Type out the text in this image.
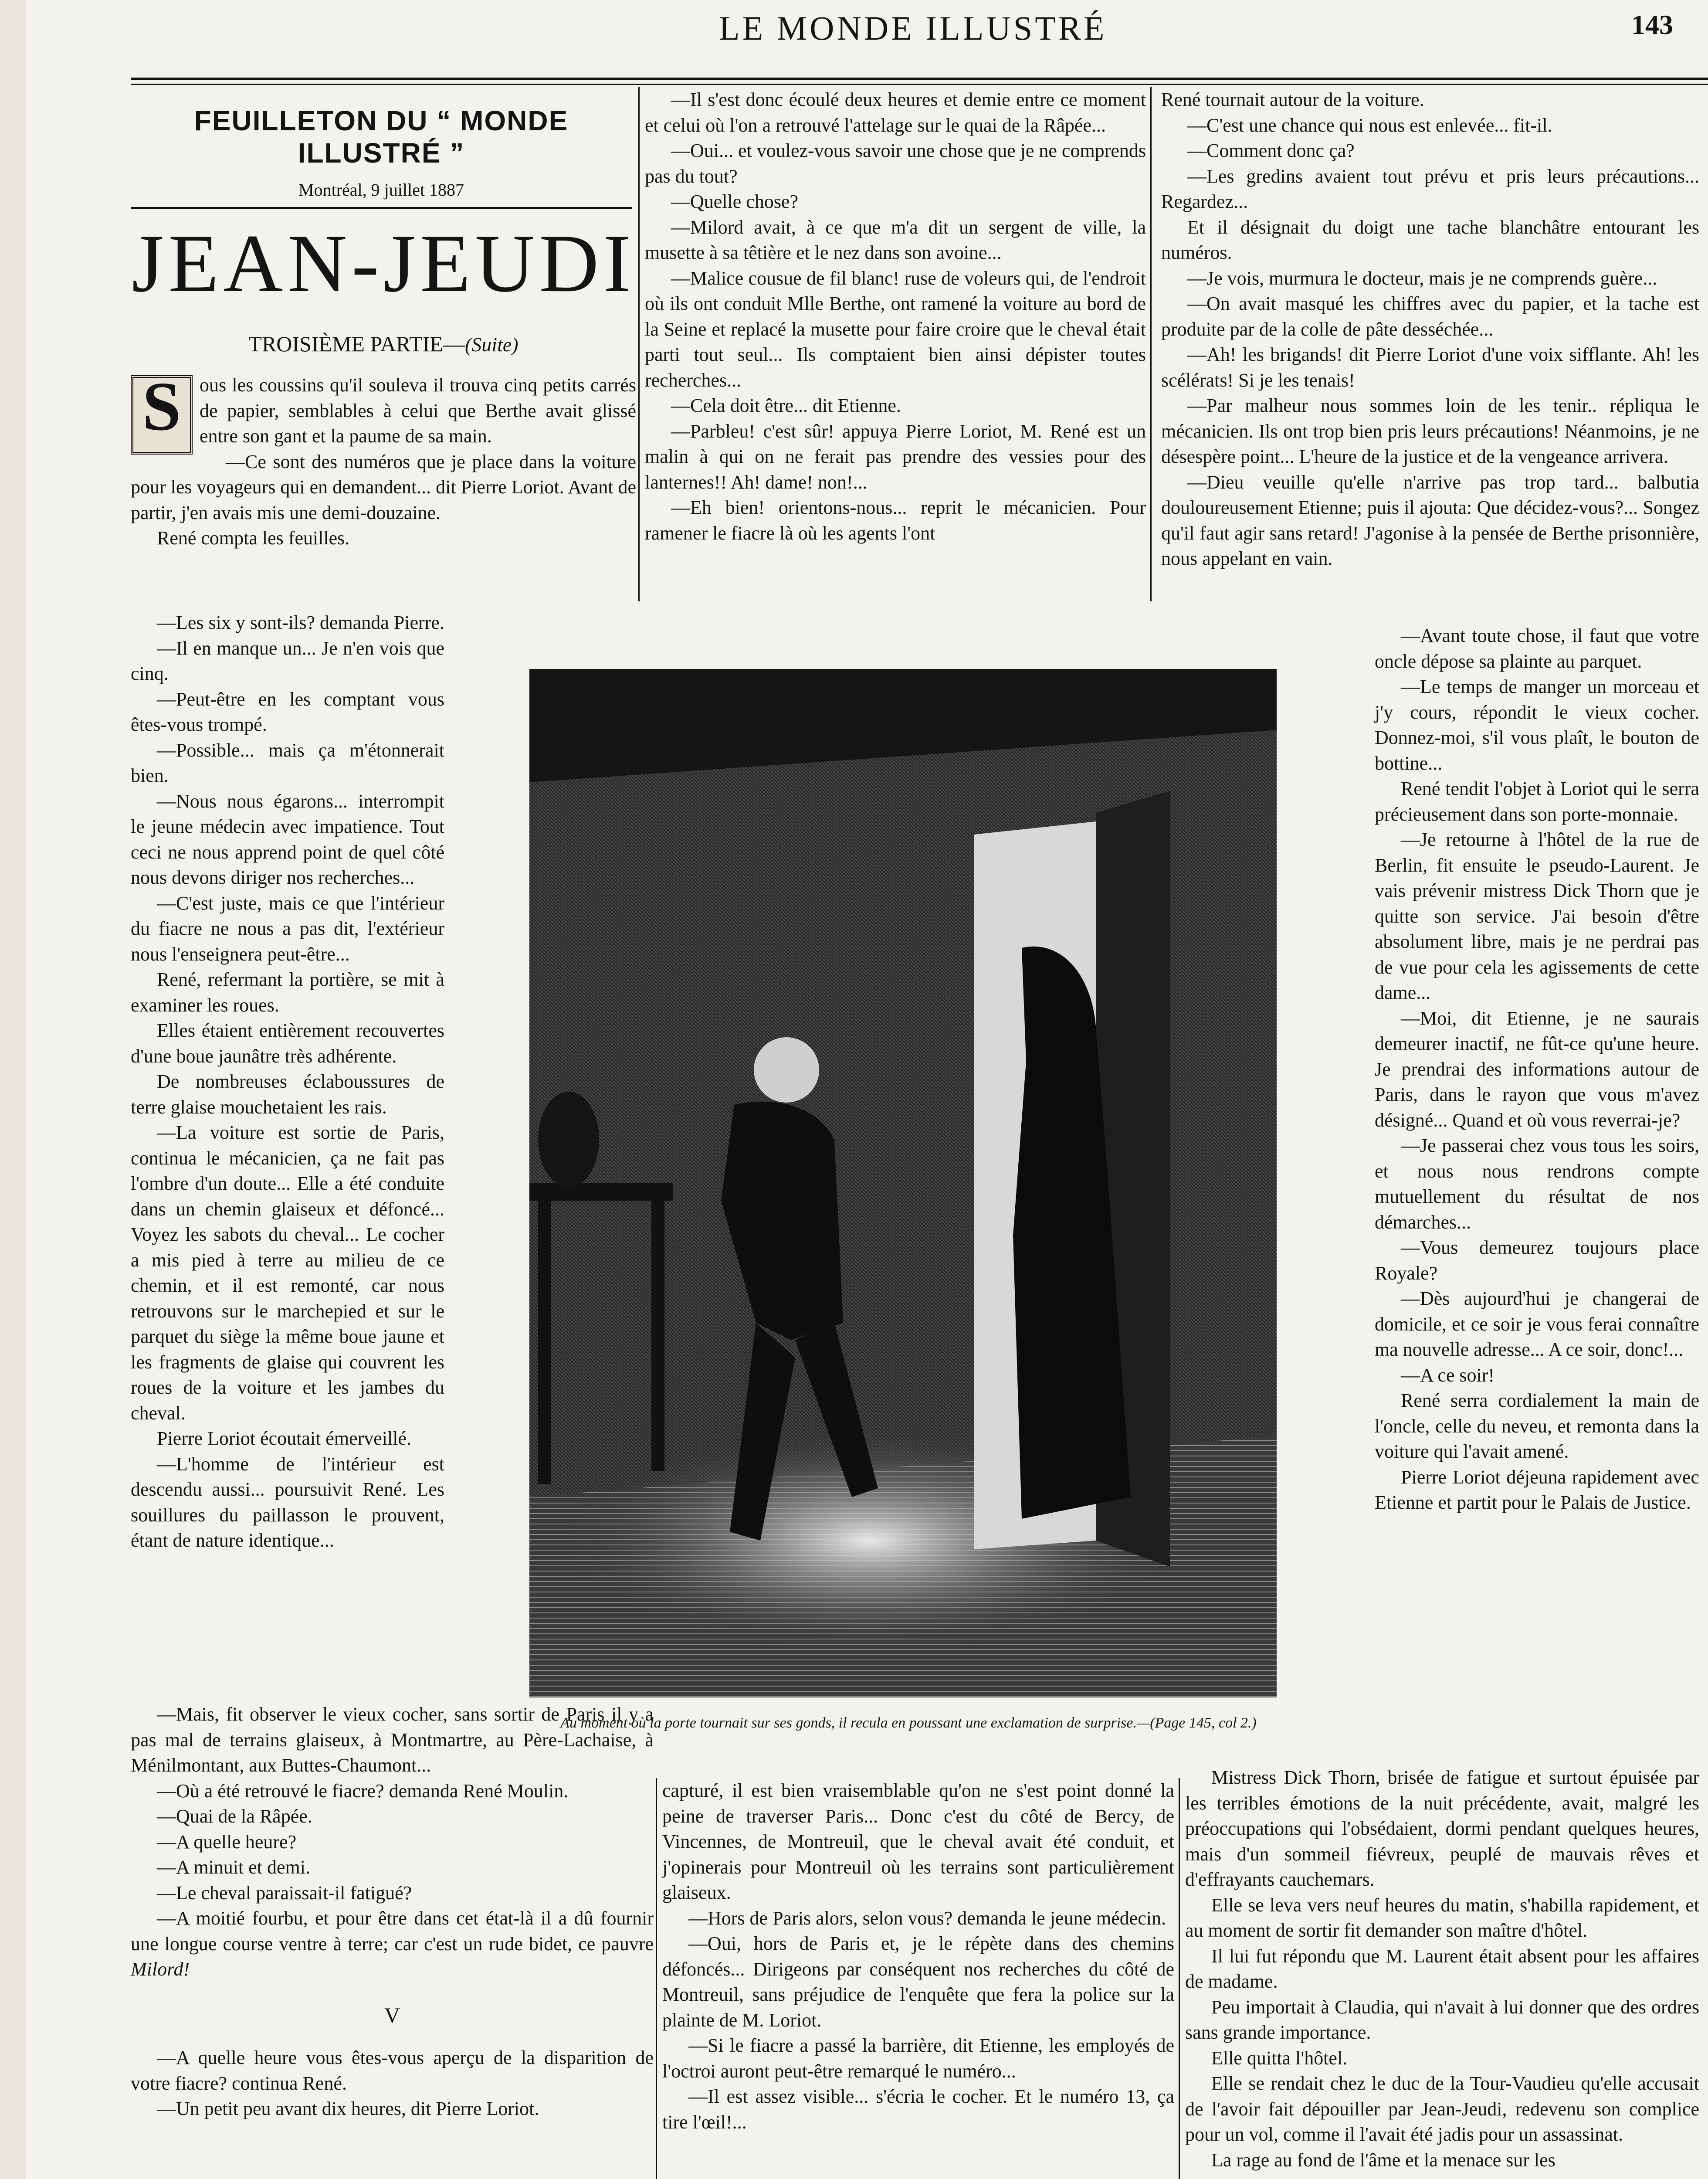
LE MONDE ILLUSTRÉ	143
FEUILLETON DU “ MONDE ILLUSTRÉ ”
Montréal, 9 juillet 1887
JEAN-JEUDI
TROISIÈME PARTIE—(Suite)
S ous les coussins qu'il souleva il trouva cinq petits carrés de papier, semblables à celui que Berthe avait glissé entre son gant et la paume de sa main.

—Ce sont des numéros que je place dans la voiture pour les voyageurs qui en demandent... dit Pierre Loriot. Avant de partir, j'en avais mis une demi-douzaine.

René compta les feuilles.

—Les six y sont-ils? demanda Pierre.

—Il en manque un... Je n'en vois que cinq.

—Peut-être en les comptant vous êtes-vous trompé.

—Possible... mais ça m'étonnerait bien.

—Nous nous égarons... interrompit le jeune médecin avec impatience. Tout ceci ne nous apprend point de quel côté nous devons diriger nos recherches...

—C'est juste, mais ce que l'intérieur du fiacre ne nous a pas dit, l'extérieur nous l'enseignera peut-être...

René, refermant la portière, se mit à examiner les roues.

Elles étaient entièrement recouvertes d'une boue jaunâtre très adhérente.

De nombreuses éclaboussures de terre glaise mouchetaient les rais.

—La voiture est sortie de Paris, continua le mécanicien, ça ne fait pas l'ombre d'un doute... Elle a été conduite dans un chemin glaiseux et défoncé... Voyez les sabots du cheval... Le cocher a mis pied à terre au milieu de ce chemin, et il est remonté, car nous retrouvons sur le marchepied et sur le parquet du siège la même boue jaune et les fragments de glaise qui couvrent les roues de la voiture et les jambes du cheval.

Pierre Loriot écoutait émerveillé.

—L'homme de l'intérieur est descendu aussi... poursuivit René. Les souillures du paillasson le prouvent, étant de nature identique...

—Mais, fit observer le vieux cocher, sans sortir de Paris il y a pas mal de terrains glaiseux, à Montmartre, au Père-Lachaise, à Ménilmontant, aux Buttes-Chaumont...

—Où a été retrouvé le fiacre? demanda René Moulin.

—Quai de la Râpée.

—A quelle heure?

—A minuit et demi.

—Le cheval paraissait-il fatigué?

—A moitié fourbu, et pour être dans cet état-là il a dû fournir une longue course ventre à terre; car c'est un rude bidet, ce pauvre

Milord!

V

—A quelle heure vous êtes-vous aperçu de la disparition de votre fiacre? continua René.

—Un petit peu avant dix heures, dit Pierre Loriot.

—Il s'est donc écoulé deux heures et demie entre ce moment et celui où l'on a retrouvé l'attelage sur le quai de la Râpée...

—Oui... et voulez-vous savoir une chose que je ne comprends pas du tout?

—Quelle chose?

—Milord avait, à ce que m'a dit un sergent de ville, la musette à sa têtière et le nez dans son avoine...

—Malice cousue de fil blanc! ruse de voleurs qui, de l'endroit où ils ont conduit Mlle Berthe, ont ramené la voiture au bord de la Seine et replacé la musette pour faire croire que le cheval était parti tout seul... Ils comptaient bien ainsi dépister toutes recherches...

—Cela doit être... dit Etienne.

—Parbleu! c'est sûr! appuya Pierre Loriot, M. René est un malin à qui on ne ferait pas prendre des vessies pour des lanternes!! Ah! dame! non!...

—Eh bien! orientons-nous... reprit le mécanicien. Pour ramener le fiacre là où les agents l'ont

capturé, il est bien vraisemblable qu'on ne s'est point donné la peine de traverser Paris... Donc c'est du côté de Bercy, de Vincennes, de Montreuil, que le cheval avait été conduit, et j'opinerais pour Montreuil où les terrains sont particulièrement glaiseux.

—Hors de Paris alors, selon vous? demanda le jeune médecin.

—Oui, hors de Paris et, je le répète dans des chemins défoncés... Dirigeons par conséquent nos recherches du côté de Montreuil, sans préjudice de l'enquête que fera la police sur la plainte de M. Loriot.

—Si le fiacre a passé la barrière, dit Etienne, les employés de l'octroi auront peut-être remarqué le numéro...

—Il est assez visible... s'écria le cocher. Et le numéro 13, ça tire l'œil!...

René tournait autour de la voiture.

—C'est une chance qui nous est enlevée... fit-il.

—Comment donc ça?

—Les gredins avaient tout prévu et pris leurs précautions... Regardez...

Et il désignait du doigt une tache blanchâtre entourant les numéros.

—Je vois, murmura le docteur, mais je ne comprends guère...

—On avait masqué les chiffres avec du papier, et la tache est produite par de la colle de pâte desséchée...

—Ah! les brigands! dit Pierre Loriot d'une voix sifflante. Ah! les scélérats! Si je les tenais!

—Par malheur nous sommes loin de les tenir.. répliqua le mécanicien. Ils ont trop bien pris leurs précautions! Néanmoins, je ne désespère point... L'heure de la justice et de la vengeance arrivera.

—Dieu veuille qu'elle n'arrive pas trop tard... balbutia douloureusement Etienne; puis il ajouta: Que décidez-vous?... Songez qu'il faut agir sans retard! J'agonise à la pensée de Berthe prisonnière, nous appelant en vain.

—Avant toute chose, il faut que votre oncle dépose sa plainte au parquet.

—Le temps de manger un morceau et j'y cours, répondit le vieux cocher. Donnez-moi, s'il vous plaît, le bouton de bottine...

René tendit l'objet à Loriot qui le serra précieusement dans son porte-monnaie.

—Je retourne à l'hôtel de la rue de Berlin, fit ensuite le pseudo-Laurent. Je vais prévenir mistress Dick Thorn que je quitte son service. J'ai besoin d'être absolument libre, mais je ne perdrai pas de vue pour cela les agissements de cette dame...

—Moi, dit Etienne, je ne saurais demeurer inactif, ne fût-ce qu'une heure. Je prendrai des informations autour de Paris, dans le rayon que vous m'avez désigné... Quand et où vous reverrai-je?

—Je passerai chez vous tous les soirs, et nous nous rendrons compte mutuellement du résultat de nos démarches...

—Vous demeurez toujours place Royale?

—Dès aujourd'hui je changerai de domicile, et ce soir je vous ferai connaître ma nouvelle adresse... A ce soir, donc!...

—A ce soir!

René serra cordialement la main de l'oncle, celle du neveu, et remonta dans la voiture qui l'avait amené.

Pierre Loriot déjeuna rapidement avec Etienne et partit pour le Palais de Justice.

Mistress Dick Thorn, brisée de fatigue et surtout épuisée par les terribles émotions de la nuit précédente, avait, malgré les préoccupations qui l'obsédaient, dormi pendant quelques heures, mais d'un sommeil fiévreux, peuplé de mauvais rêves et d'effrayants cauchemars.

Elle se leva vers neuf heures du matin, s'habilla rapidement, et au moment de sortir fit demander son maître d'hôtel.

Il lui fut répondu que M. Laurent était absent pour les affaires de madame.

Peu importait à Claudia, qui n'avait à lui donner que des ordres sans grande importance.

Elle quitta l'hôtel.

Elle se rendait chez le duc de la Tour-Vaudieu qu'elle accusait de l'avoir fait dépouiller par Jean-Jeudi, redevenu son complice pour un vol, comme il l'avait été jadis pour un assassinat.

La rage au fond de l'âme et la menace sur les

Au moment où la porte tournait sur ses gonds, il recula en poussant une exclamation de surprise.—(Page 145, col 2.)
